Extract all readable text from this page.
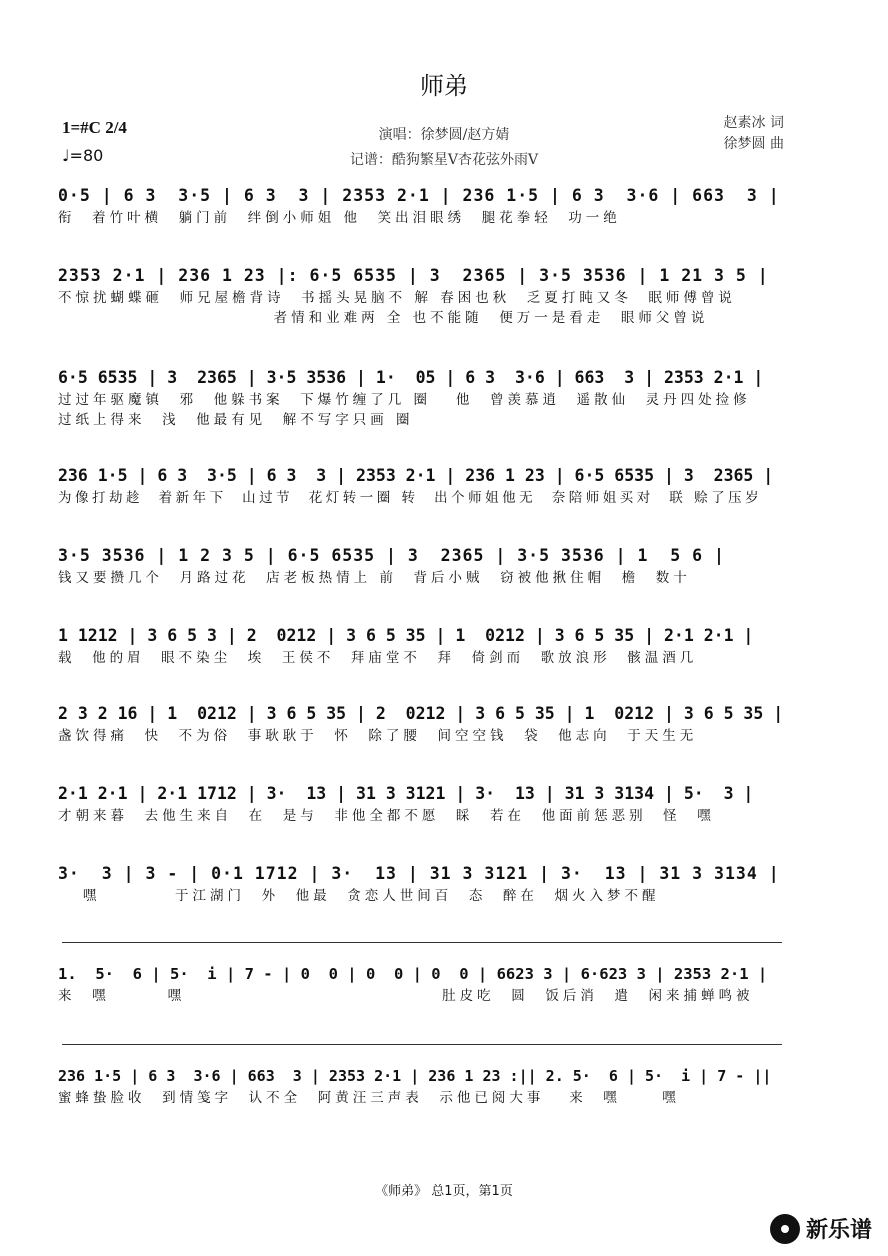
师弟
1=#C 2/4
♩=80
演唱：徐梦圆/赵方婧
记谱：酷狗繁星V杏花弦外雨V
赵素冰 词
徐梦圆 曲
0·5 | 6 3  3·5 | 6 3  3 | 2353 2·1 | 236 1·5 | 6 3  3·6 | 663  3 |
衔  着竹叶横  躺门前  绊倒小师姐 他  笑出泪眼绣  腿花拳轻  功一绝
2353 2·1 | 236 1 23 |: 6·5 6535 | 3  2365 | 3·5 3536 | 1 21 3 5 |
不惊扰蝴蝶砸  师兄屋檐背诗  书摇头晃脑不 解 春困也秋  乏夏打盹又冬  眠师傅曾说
者情和业难两 全 也不能随  便万一是看走  眼师父曾说
6·5 6535 | 3  2365 | 3·5 3536 | 1·  05 | 6 3  3·6 | 663  3 | 2353 2·1 |
过过年驱魔镇  邪  他躲书案  下爆竹缠了几 圈   他  曾羡慕逍  遥散仙  灵丹四处捡修
过纸上得来  浅  他最有见  解不写字只画 圈
236 1·5 | 6 3  3·5 | 6 3  3 | 2353 2·1 | 236 1 23 | 6·5 6535 | 3  2365 |
为像打劫趁  着新年下  山过节  花灯转一圈 转  出个师姐他无  奈陪师姐买对  联 赊了压岁
3·5 3536 | 1 2 3 5 | 6·5 6535 | 3  2365 | 3·5 3536 | 1  5 6 |
钱又要攒几个  月路过花  店老板热情上 前  背后小贼  窃被他揪住帽  檐  数十
1 1212 | 3 6 5 3 | 2  0212 | 3 6 5 35 | 1  0212 | 3 6 5 35 | 2·1 2·1 |
载  他的眉  眼不染尘  埃  王侯不  拜庙堂不  拜  倚剑而  歌放浪形  骸温酒几
2 3 2 16 | 1  0212 | 3 6 5 35 | 2  0212 | 3 6 5 35 | 1  0212 | 3 6 5 35 |
盏饮得痛  快  不为俗  事耿耿于  怀  除了腰  间空空钱  袋  他志向  于天生无
2·1 2·1 | 2·1 1712 | 3·  13 | 31 3 3121 | 3·  13 | 31 3 3134 | 5·  3 |
才朝来暮  去他生来自  在  是与  非他全都不愿  睬  若在  他面前惩恶别  怪  嘿
3·  3 | 3 - | 0·1 1712 | 3·  13 | 31 3 3121 | 3·  13 | 31 3 3134 |
嘿         于江湖门  外  他最  贪恋人世间百  态  醉在  烟火入梦不醒
1.  5·  6 | 5·  i | 7 - | 0  0 | 0  0 | 0  0 | 6623 3 | 6·623 3 | 2353 2·1 |
来  嘿       嘿                               肚皮吃  圆  饭后消  遣  闲来捕蝉鸣被
236 1·5 | 6 3  3·6 | 663  3 | 2353 2·1 | 236 1 23 :|| 2. 5·  6 | 5·  i | 7 - ||
蜜蜂蛰脸收  到情笺字  认不全  阿黄汪三声表  示他已阅大事   来  嘿     嘿
《师弟》 总1页，第1页
新乐谱
